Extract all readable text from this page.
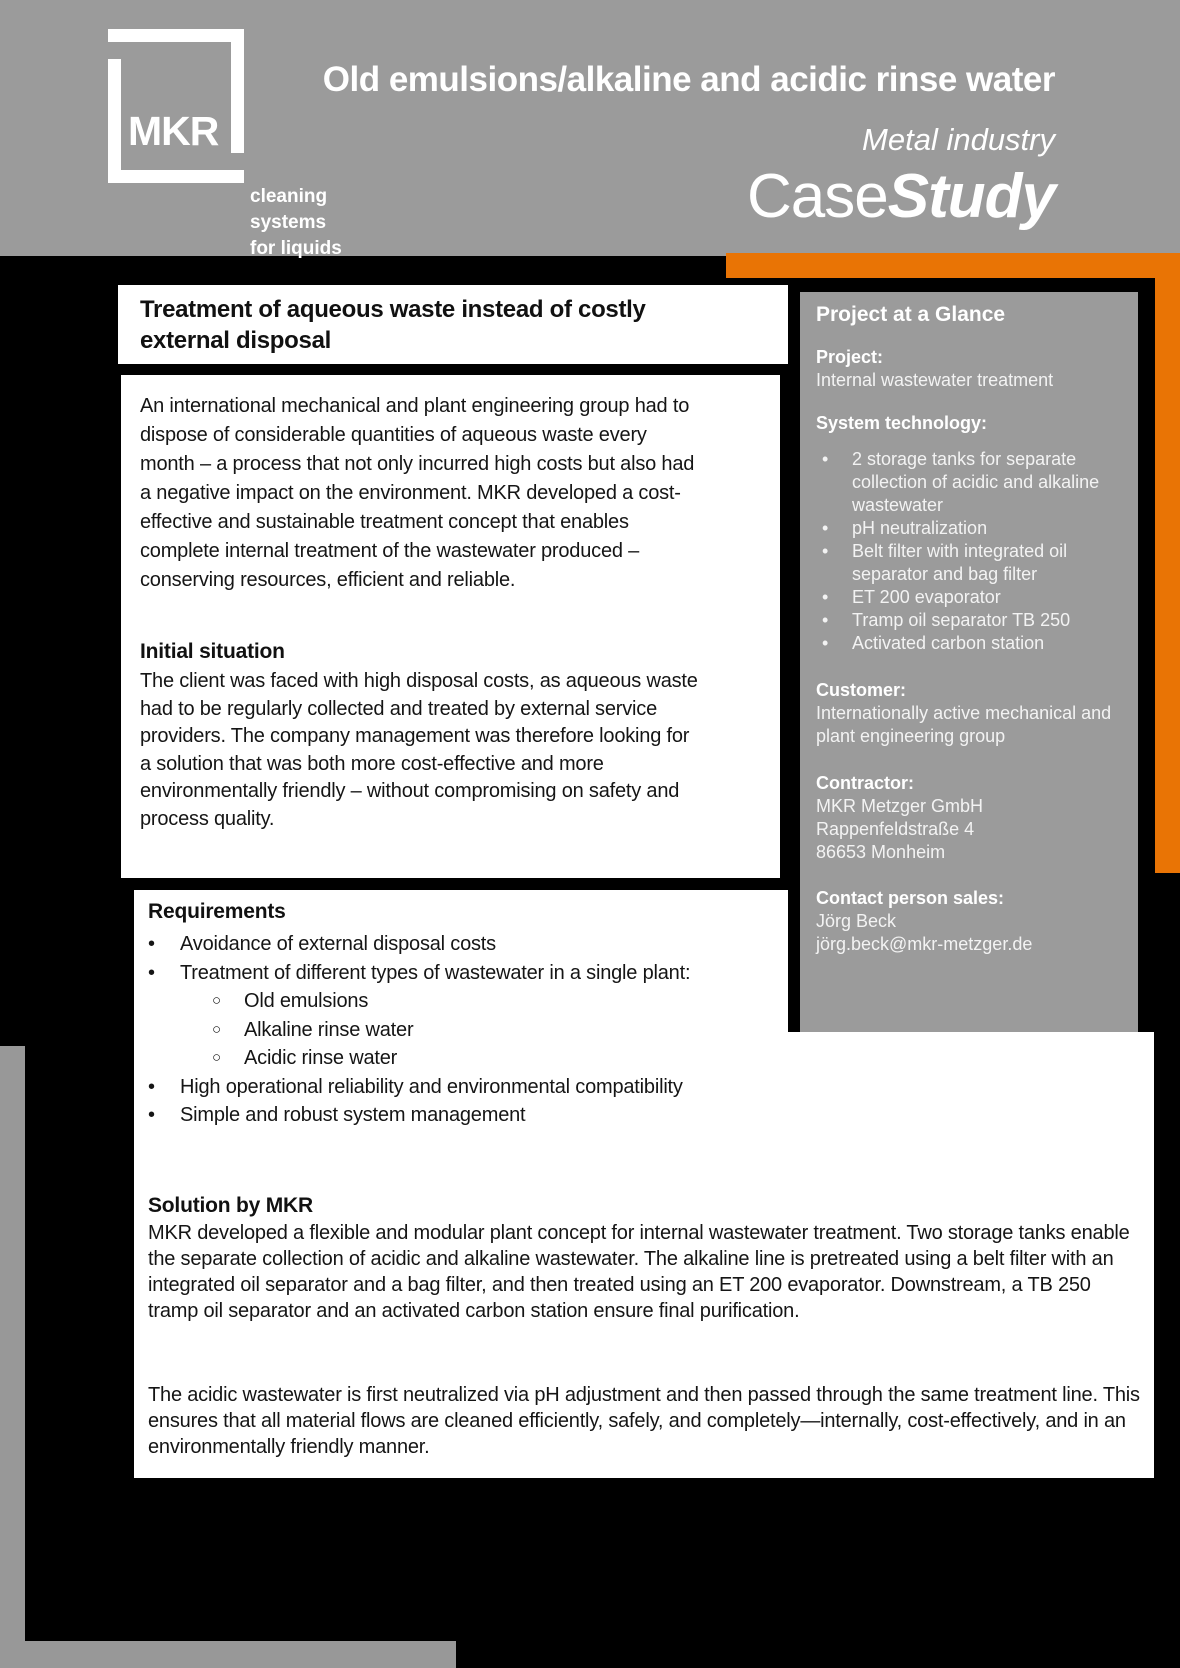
MKR
cleaning
systems
for liquids
Old emulsions/alkaline and acidic rinse water
Metal industry
CaseStudy
Treatment of aqueous waste instead of costly external disposal
An international mechanical and plant engineering group had to dispose of considerable quantities of aqueous waste every month – a process that not only incurred high costs but also had a negative impact on the environment. MKR developed a cost-effective and sustainable treatment concept that enables complete internal treatment of the wastewater produced – conserving resources, efficient and reliable.
Initial situation
The client was faced with high disposal costs, as aqueous waste had to be regularly collected and treated by external service providers. The company management was therefore looking for a solution that was both more cost-effective and more environmentally friendly – without compromising on safety and process quality.
Requirements
•	Avoidance of external disposal costs
•	Treatment of different types of wastewater in a single plant:
○	Old emulsions
○	Alkaline rinse water
○	Acidic rinse water
•	High operational reliability and environmental compatibility
•	Simple and robust system management
Solution by MKR
MKR developed a flexible and modular plant concept for internal wastewater treatment. Two storage tanks enable the separate collection of acidic and alkaline wastewater. The alkaline line is pretreated using a belt filter with an integrated oil separator and a bag filter, and then treated using an ET 200 evaporator. Downstream, a TB 250 tramp oil separator and an activated carbon station ensure final purification.
The acidic wastewater is first neutralized via pH adjustment and then passed through the same treatment line. This ensures that all material flows are cleaned efficiently, safely, and completely—internally, cost-effectively, and in an environmentally friendly manner.
Project at a Glance
Project:
Internal wastewater treatment
System technology:
•	2 storage tanks for separate collection of acidic and alkaline wastewater
•	pH neutralization
•	Belt filter with integrated oil separator and bag filter
•	ET 200 evaporator
•	Tramp oil separator TB 250
•	Activated carbon station
Customer:
Internationally active mechanical and plant engineering group
Contractor:
MKR Metzger GmbH
Rappenfeldstraße 4
86653 Monheim
Contact person sales:
Jörg Beck
jörg.beck@mkr-metzger.de
